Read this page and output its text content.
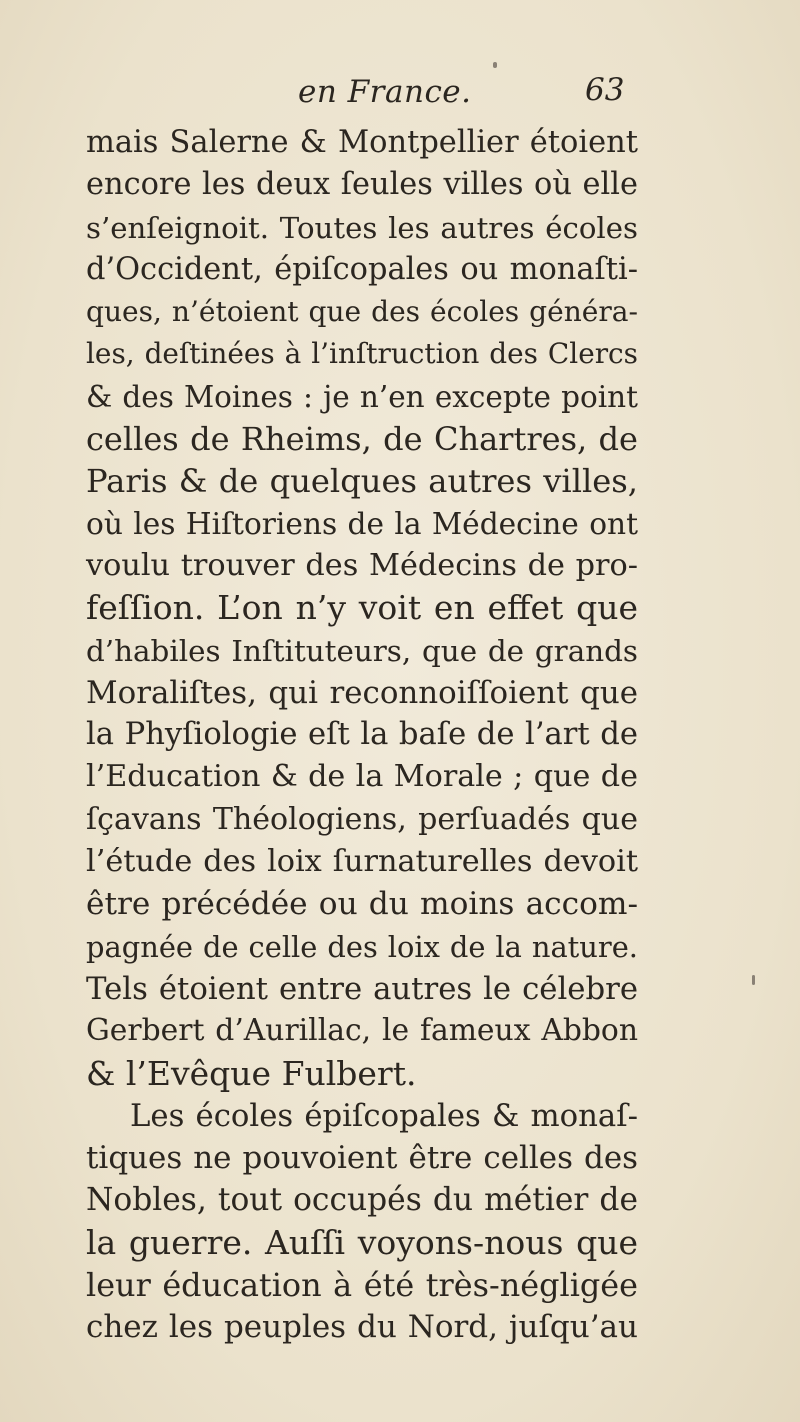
en France.	63
mais Salerne & Montpellier étoient
encore les deux ſeules villes où elle
s’enſeignoit. Toutes les autres écoles
d’Occident, épiſcopales ou monaſti-
ques, n’étoient que des écoles généra-
les, deſtinées à l’inſtruction des Clercs
& des Moines : je n’en excepte point
celles de Rheims, de Chartres, de
Paris & de quelques autres villes,
où les Hiſtoriens de la Médecine ont
voulu trouver des Médecins de pro-
feſſion. L’on n’y voit en effet que
d’habiles Inſtituteurs, que de grands
Moraliſtes, qui reconnoiſſoient que
la Phyſiologie eſt la baſe de l’art de
l’Education & de la Morale ; que de
ſçavans Théologiens, perſuadés que
l’étude des loix ſurnaturelles devoit
être précédée ou du moins accom-
pagnée de celle des loix de la nature.
Tels étoient entre autres le célebre
Gerbert d’Aurillac, le fameux Abbon
& l’Evêque Fulbert.
Les écoles épiſcopales & monaſ-
tiques ne pouvoient être celles des
Nobles, tout occupés du métier de
la guerre. Auſſi voyons-nous que
leur éducation à été très-négligée
chez les peuples du Nord, juſqu’au
